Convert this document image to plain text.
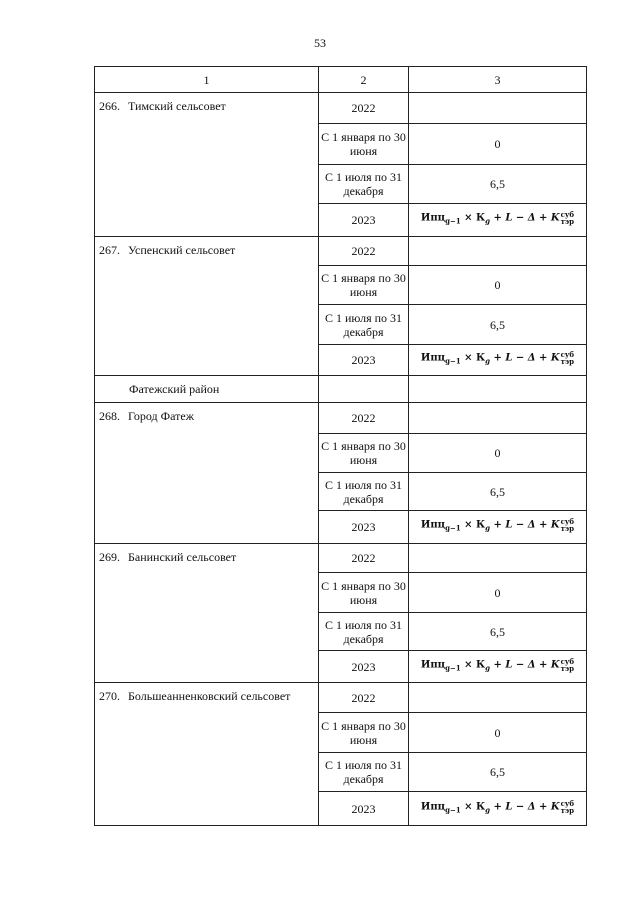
53
1	2	3
266. Тимский сельсовет	2022	
	С 1 января по 30 июня	0
	С 1 июля по 31 декабря	6,5
	2023	$Ипц_{g-1} \times К_g + L - \Delta + K$ суб
тэр

267. Успенский сельсовет	2022	
	С 1 января по 30 июня	0
	С 1 июля по 31 декабря	6,5
	2023	$Ипц_{g-1} \times К_g + L - \Delta + K$ суб
тэр

Фатежский район		
268. Город Фатеж	2022	
	С 1 января по 30 июня	0
	С 1 июля по 31 декабря	6,5
	2023	$Ипц_{g-1} \times К_g + L - \Delta + K$ суб
тэр

269. Банинский сельсовет	2022	
	С 1 января по 30 июня	0
	С 1 июля по 31 декабря	6,5
	2023	$Ипц_{g-1} \times К_g + L - \Delta + K$ суб
тэр

270. Большеанненковский сельсовет	2022	
	С 1 января по 30 июня	0
	С 1 июля по 31 декабря	6,5
	2023	$Ипц_{g-1} \times К_g + L - \Delta + K$ суб
тэр
